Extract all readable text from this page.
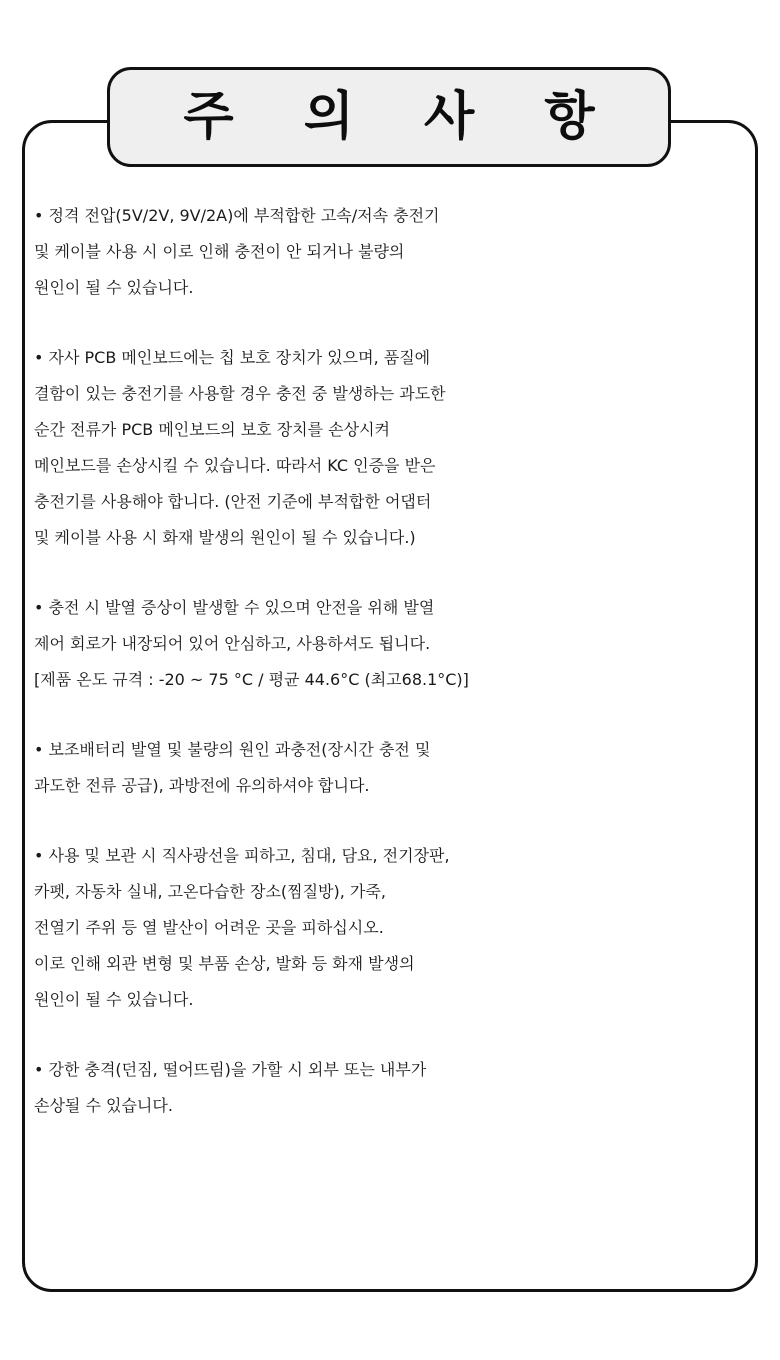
주 의 사 항
• 정격 전압(5V/2V, 9V/2A)에 부적합한 고속/저속 충전기
및 케이블 사용 시 이로 인해 충전이 안 되거나 불량의
원인이 될 수 있습니다.
• 자사 PCB 메인보드에는 칩 보호 장치가 있으며, 품질에
결함이 있는 충전기를 사용할 경우 충전 중 발생하는 과도한
순간 전류가 PCB 메인보드의 보호 장치를 손상시켜
메인보드를 손상시킬 수 있습니다. 따라서 KC 인증을 받은
충전기를 사용해야 합니다. (안전 기준에 부적합한 어댑터
및 케이블 사용 시 화재 발생의 원인이 될 수 있습니다.)
• 충전 시 발열 증상이 발생할 수 있으며 안전을 위해 발열
제어 회로가 내장되어 있어 안심하고, 사용하셔도 됩니다.
[제품 온도 규격 : -20 ~ 75 °C / 평균 44.6°C (최고68.1°C)]
• 보조배터리 발열 및 불량의 원인 과충전(장시간 충전 및
과도한 전류 공급), 과방전에 유의하셔야 합니다.
• 사용 및 보관 시 직사광선을 피하고, 침대, 담요, 전기장판,
카펫, 자동차 실내, 고온다습한 장소(찜질방), 가죽,
전열기 주위 등 열 발산이 어려운 곳을 피하십시오.
이로 인해 외관 변형 및 부품 손상, 발화 등 화재 발생의
원인이 될 수 있습니다.
• 강한 충격(던짐, 떨어뜨림)을 가할 시 외부 또는 내부가
손상될 수 있습니다.
